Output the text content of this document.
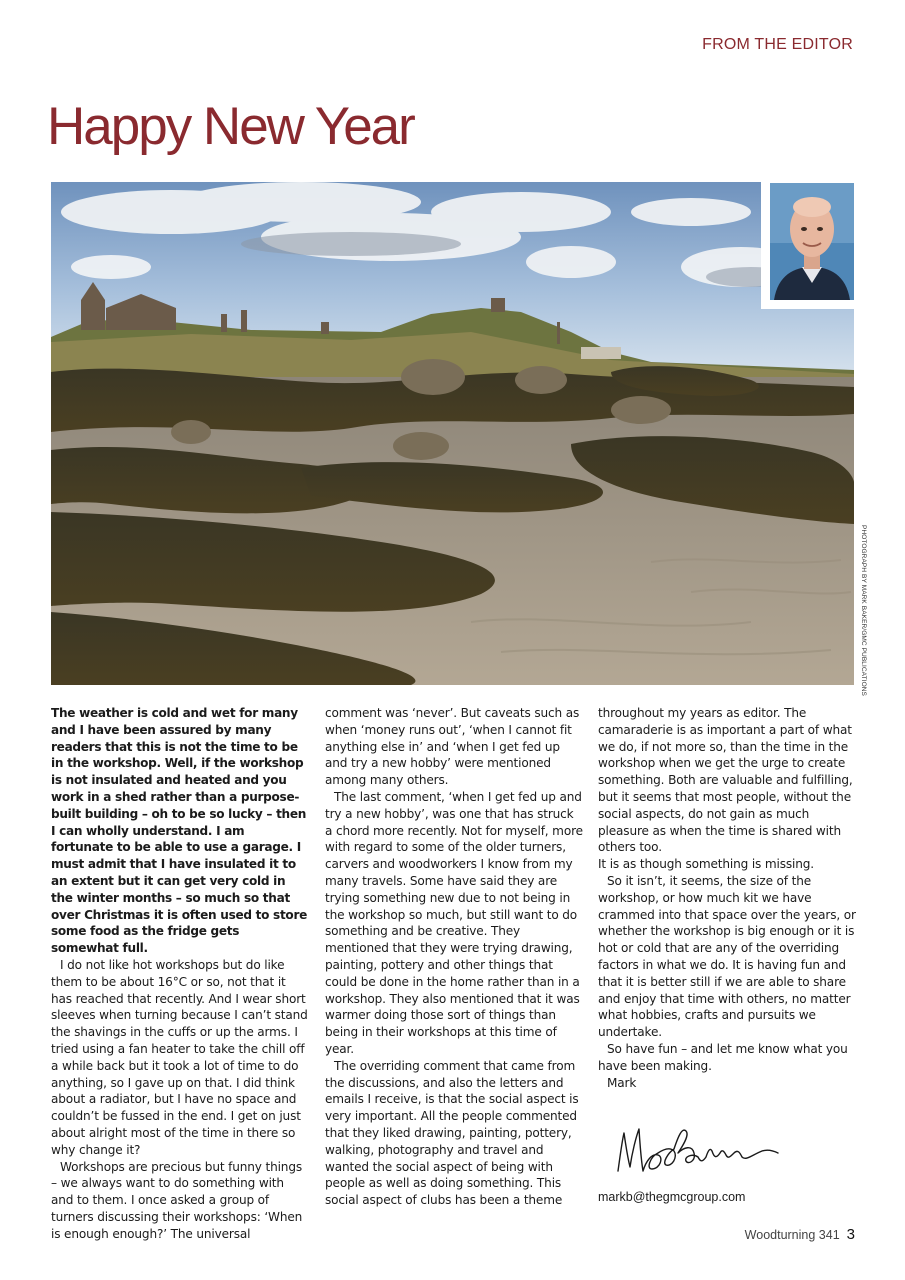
FROM THE EDITOR
Happy New Year
PHOTOGRAPH BY MARK BAKER/GMC PUBLICATIONS

The weather is cold and wet for many and I have been assured by many readers that this is not the time to be in the workshop. Well, if the workshop is not insulated and heated and you work in a shed rather than a purpose-built building – oh to be so lucky – then I can wholly understand. I am fortunate to be able to use a garage. I must admit that I have insulated it to an extent but it can get very cold in the winter months – so much so that over Christmas it is often used to store some food as the fridge gets somewhat full.

I do not like hot workshops but do like them to be about 16°C or so, not that it has reached that recently. And I wear short sleeves when turning because I can’t stand the shavings in the cuffs or up the arms. I tried using a fan heater to take the chill off a while back but it took a lot of time to do anything, so I gave up on that. I did think about a radiator, but I have no space and couldn’t be fussed in the end. I get on just about alright most of the time in there so why change it?

Workshops are precious but funny things – we always want to do something with and to them. I once asked a group of turners discussing their workshops: ‘When is enough enough?’ The universal

comment was ‘never’. But caveats such as when ‘money runs out’, ‘when I cannot fit anything else in’ and ‘when I get fed up and try a new hobby’ were mentioned among many others.

The last comment, ‘when I get fed up and try a new hobby’, was one that has struck a chord more recently. Not for myself, more with regard to some of the older turners, carvers and woodworkers I know from my many travels. Some have said they are trying something new due to not being in the workshop so much, but still want to do something and be creative. They mentioned that they were trying drawing, painting, pottery and other things that could be done in the home rather than in a workshop. They also mentioned that it was warmer doing those sort of things than being in their workshops at this time of year.

The overriding comment that came from the discussions, and also the letters and emails I receive, is that the social aspect is very important. All the people commented that they liked drawing, painting, pottery, walking, photography and travel and wanted the social aspect of being with people as well as doing something. This social aspect of clubs has been a theme

throughout my years as editor. The camaraderie is as important a part of what we do, if not more so, than the time in the workshop when we get the urge to create something. Both are valuable and fulfilling, but it seems that most people, without the social aspects, do not gain as much pleasure as when the time is shared with others too.

It is as though something is missing.

So it isn’t, it seems, the size of the workshop, or how much kit we have crammed into that space over the years, or whether the workshop is big enough or it is hot or cold that are any of the overriding factors in what we do. It is having fun and that it is better still if we are able to share and enjoy that time with others, no matter what hobbies, crafts and pursuits we undertake.

So have fun – and let me know what you have been making.

Mark

markb@thegmcgroup.com
Woodturning 341 3
